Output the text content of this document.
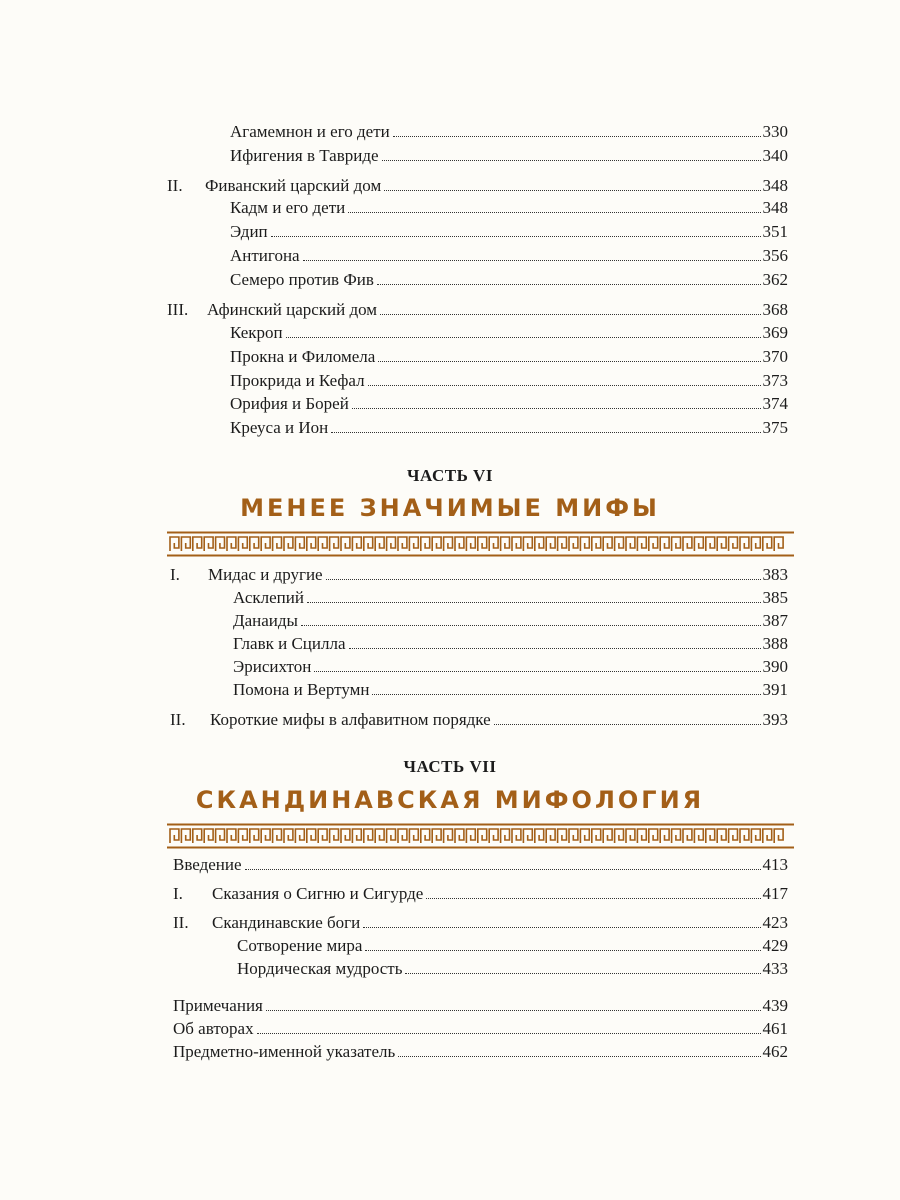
Агамемнон и его дети	330
Ифигения в Тавриде	340
II. Фиванский царский дом	348
Кадм и его дети	348
Эдип	351
Антигона	356
Семеро против Фив	362
III. Афинский царский дом	368
Кекроп	369
Прокна и Филомела	370
Прокрида и Кефал	373
Орифия и Борей	374
Креуса и Ион	375
ЧАСТЬ VI
МЕНЕЕ ЗНАЧИМЫЕ МИФЫ
I. Мидас и другие	383
Асклепий	385
Данаиды	387
Главк и Сцилла	388
Эрисихтон	390
Помона и Вертумн	391
II. Короткие мифы в алфавитном порядке	393
ЧАСТЬ VII
СКАНДИНАВСКАЯ МИФОЛОГИЯ
Введение	413
I. Сказания о Сигню и Сигурде	417
II. Скандинавские боги	423
Сотворение мира	429
Нордическая мудрость	433
Примечания	439
Об авторах	461
Предметно-именной указатель	462
